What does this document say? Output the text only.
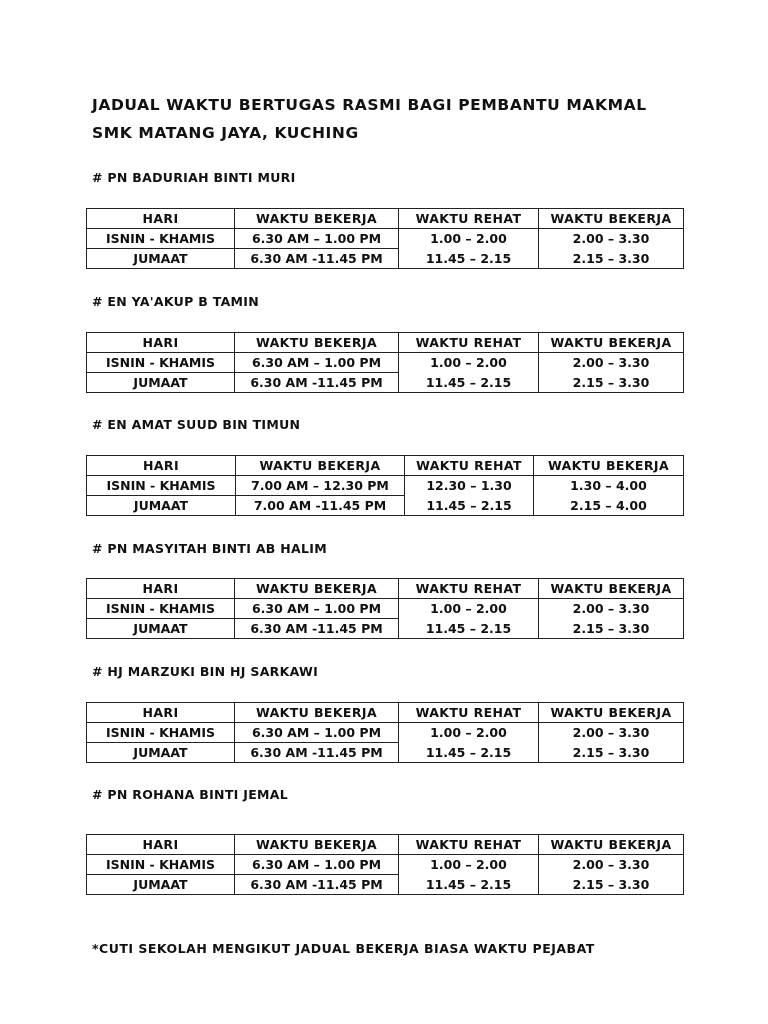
JADUAL WAKTU BERTUGAS RASMI BAGI PEMBANTU MAKMAL
SMK MATANG JAYA, KUCHING
# PN BADURIAH BINTI MURI
HARI	WAKTU BEKERJA	WAKTU REHAT	WAKTU BEKERJA
ISNIN - KHAMIS	6.30 AM – 1.00 PM	1.00 – 2.00	2.00 – 3.30
JUMAAT	6.30 AM -11.45 PM	11.45 – 2.15	2.15 – 3.30
# EN YA'AKUP B TAMIN
HARI	WAKTU BEKERJA	WAKTU REHAT	WAKTU BEKERJA
ISNIN - KHAMIS	6.30 AM – 1.00 PM	1.00 – 2.00	2.00 – 3.30
JUMAAT	6.30 AM -11.45 PM	11.45 – 2.15	2.15 – 3.30
# EN AMAT SUUD BIN TIMUN
HARI	WAKTU BEKERJA	WAKTU REHAT	WAKTU BEKERJA
ISNIN - KHAMIS	7.00 AM – 12.30 PM	12.30 – 1.30	1.30 – 4.00
JUMAAT	7.00 AM -11.45 PM	11.45 – 2.15	2.15 – 4.00
# PN MASYITAH BINTI AB HALIM
HARI	WAKTU BEKERJA	WAKTU REHAT	WAKTU BEKERJA
ISNIN - KHAMIS	6.30 AM – 1.00 PM	1.00 – 2.00	2.00 – 3.30
JUMAAT	6.30 AM -11.45 PM	11.45 – 2.15	2.15 – 3.30
# HJ MARZUKI BIN HJ SARKAWI
HARI	WAKTU BEKERJA	WAKTU REHAT	WAKTU BEKERJA
ISNIN - KHAMIS	6.30 AM – 1.00 PM	1.00 – 2.00	2.00 – 3.30
JUMAAT	6.30 AM -11.45 PM	11.45 – 2.15	2.15 – 3.30
# PN ROHANA BINTI JEMAL
HARI	WAKTU BEKERJA	WAKTU REHAT	WAKTU BEKERJA
ISNIN - KHAMIS	6.30 AM – 1.00 PM	1.00 – 2.00	2.00 – 3.30
JUMAAT	6.30 AM -11.45 PM	11.45 – 2.15	2.15 – 3.30
*CUTI SEKOLAH MENGIKUT JADUAL BEKERJA BIASA WAKTU PEJABAT
